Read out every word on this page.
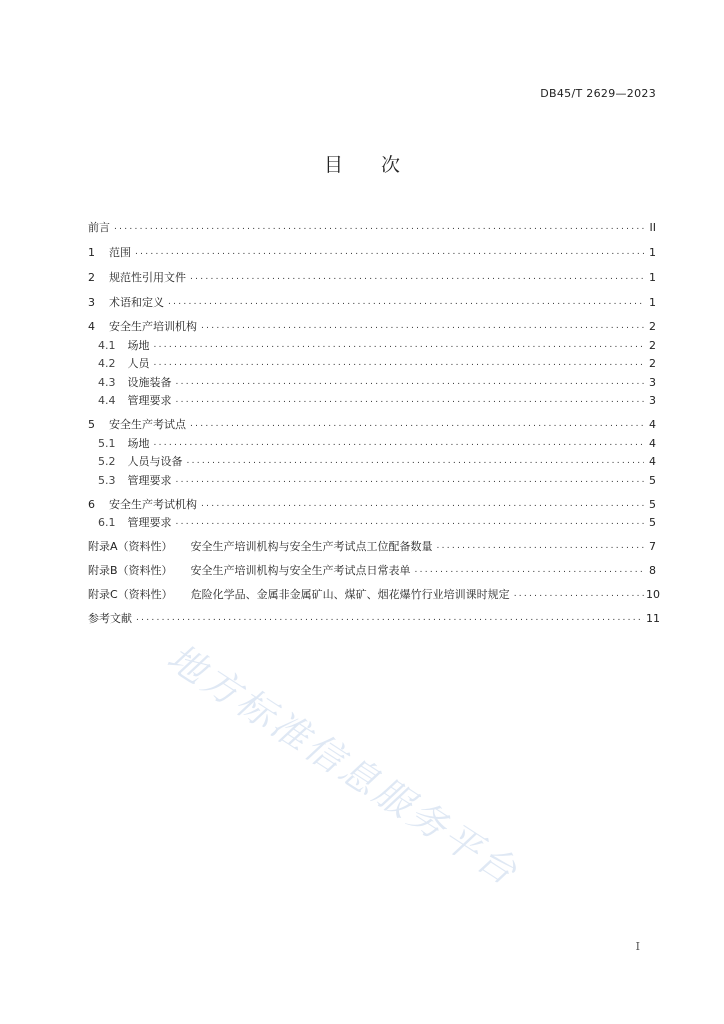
DB45/T 2629—2023
目 次
前言 . . .	II
1 范围 . . .	1
2 规范性引用文件 . . .	1
3 术语和定义 . . .	1
4 安全生产培训机构 . . .	2
4.1 场地 . . .	2
4.2 人员 . . .	2
4.3 设施装备 . . .	3
4.4 管理要求 . . .	3
5 安全生产考试点 . . .	4
5.1 场地 . . .	4
5.2 人员与设备 . . .	4
5.3 管理要求 . . .	5
6 安全生产考试机构 . . .	5
6.1 管理要求 . . .	5
附录A（资料性） 安全生产培训机构与安全生产考试点工位配备数量 . . .	7
附录B（资料性） 安全生产培训机构与安全生产考试点日常表单 . . .	8
附录C（资料性） 危险化学品、金属非金属矿山、煤矿、烟花爆竹行业培训课时规定 . . .	10
参考文献 . . .	11
地方标准信息服务平台
I
